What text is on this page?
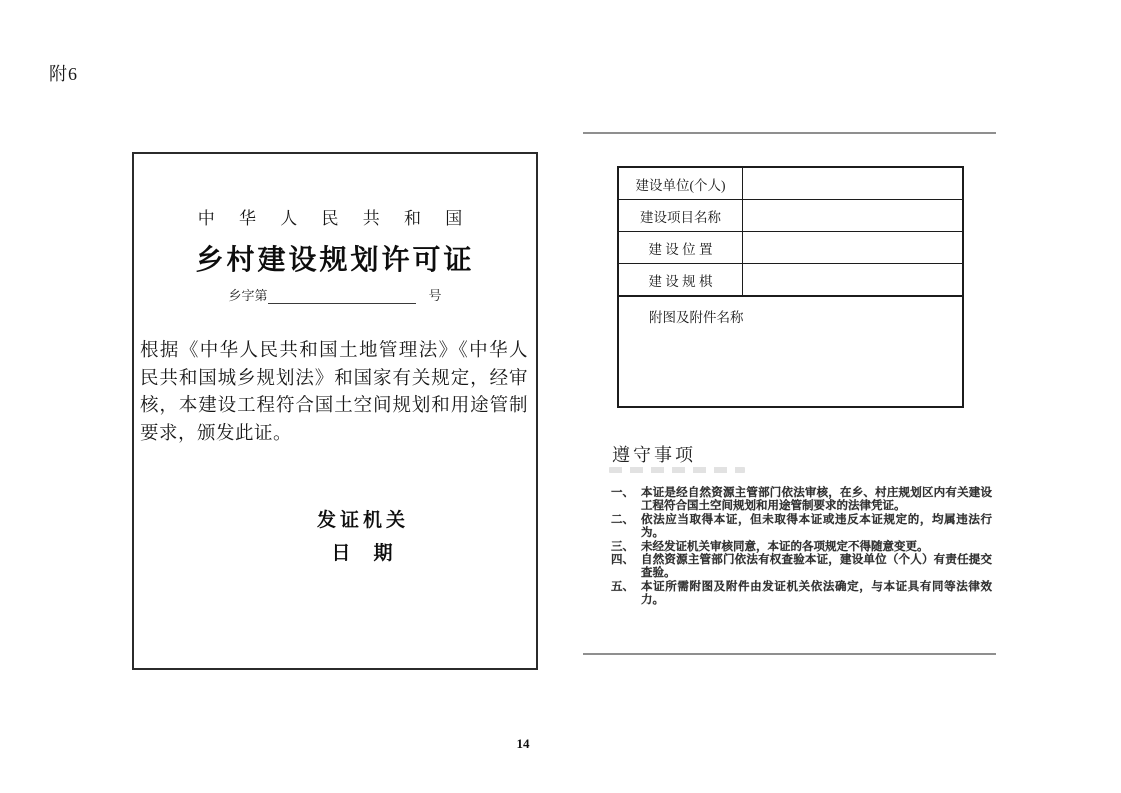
附6
中 华 人 民 共 和 国
乡村建设规划许可证
乡字第	号
根据《中华人民共和国土地管理法》《中华人民共和国城乡规划法》和国家有关规定，经审核，本建设工程符合国土空间规划和用途管制要求，颁发此证。
发证机关
日　期
建设单位(个人)
建设项目名称
建 设 位 置
建 设 规 棋
附图及附件名称
遵守事项
一、 本证是经自然资源主管部门依法审核，在乡、村庄规划区内有关建设工程符合国土空间规划和用途管制要求的法律凭证。
二、 依法应当取得本证，但未取得本证或违反本证规定的，均属违法行为。
三、 未经发证机关审核同意，本证的各项规定不得随意变更。
四、 自然资源主管部门依法有权查验本证，建设单位（个人）有责任提交查验。
五、 本证所需附图及附件由发证机关依法确定，与本证具有同等法律效力。
14
